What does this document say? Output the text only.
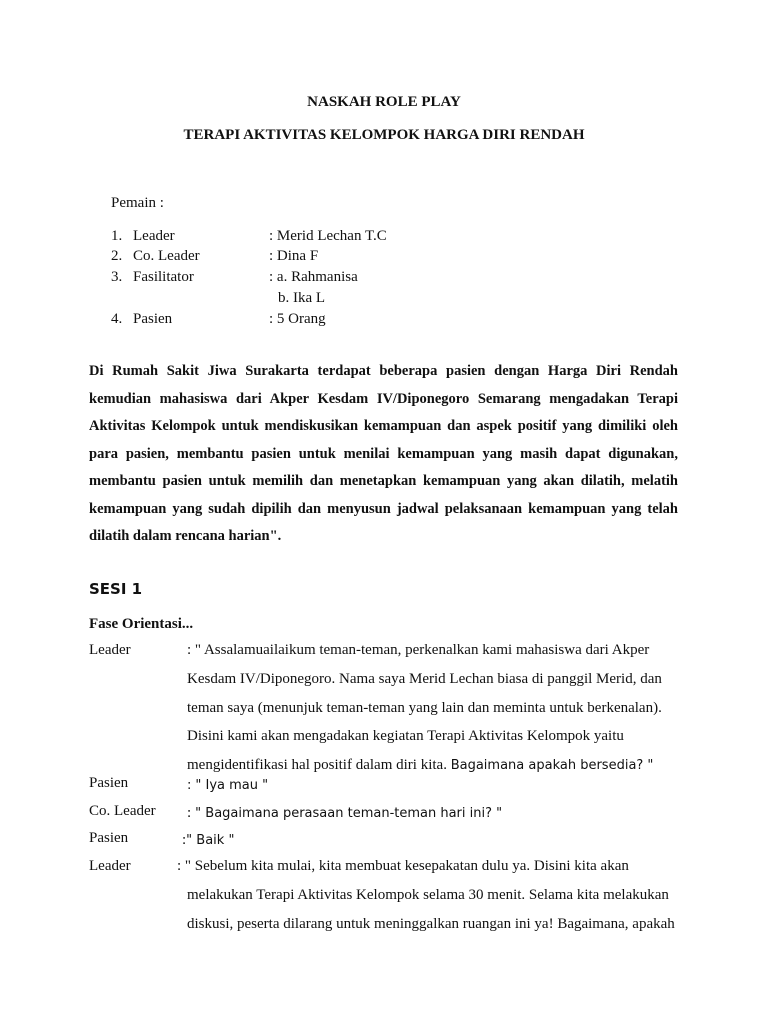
NASKAH ROLE PLAY
TERAPI AKTIVITAS KELOMPOK HARGA DIRI RENDAH
Pemain :
1. Leader	: Merid Lechan T.C
2. Co. Leader	: Dina F
3. Fasilitator	: a. Rahmanisa
b. Ika L
4. Pasien	: 5 Orang
Di Rumah Sakit Jiwa Surakarta terdapat beberapa pasien dengan Harga Diri Rendah kemudian mahasiswa dari Akper Kesdam IV/Diponegoro Semarang mengadakan Terapi Aktivitas Kelompok untuk mendiskusikan kemampuan dan aspek positif yang dimiliki oleh para pasien, membantu pasien untuk menilai kemampuan yang masih dapat digunakan, membantu pasien untuk memilih dan menetapkan kemampuan yang akan dilatih, melatih kemampuan yang sudah dipilih dan menyusun jadwal pelaksanaan kemampuan yang telah dilatih dalam rencana harian".
SESI 1
Fase Orientasi...
Leader	: " Assalamuailaikum teman-teman, perkenalkan kami mahasiswa dari Akper
Kesdam IV/Diponegoro. Nama saya Merid Lechan biasa di panggil Merid, dan
teman saya (menunjuk teman-teman yang lain dan meminta untuk berkenalan).
Disini kami akan mengadakan kegiatan Terapi Aktivitas Kelompok yaitu
mengidentifikasi hal positif dalam diri kita. Bagaimana apakah bersedia? "
Pasien	: " Iya mau "
Co. Leader : " Bagaimana perasaan teman-teman hari ini? "
Pasien	:" Baik "
Leader	: " Sebelum kita mulai, kita membuat kesepakatan dulu ya. Disini kita akan
melakukan Terapi Aktivitas Kelompok selama 30 menit. Selama kita melakukan
diskusi, peserta dilarang untuk meninggalkan ruangan ini ya! Bagaimana, apakah
